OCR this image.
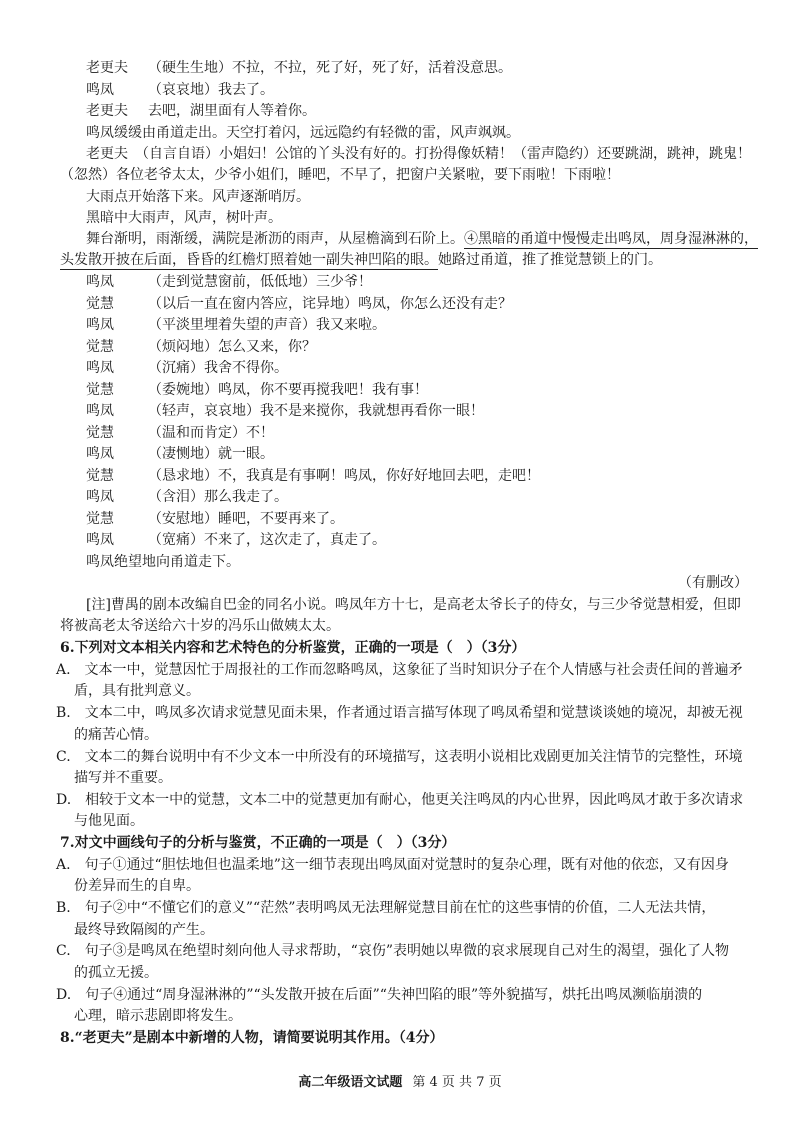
老更夫 （硬生生地）不拉，不拉，死了好，死了好，活着没意思。
鸣凤 （哀哀地）我去了。
老更夫 去吧，湖里面有人等着你。
鸣凤缓缓由甬道走出。天空打着闪，远远隐约有轻微的雷，风声飒飒。
老更夫　（自言自语）小娼妇！公馆的丫头没有好的。打扮得像妖精！（雷声隐约）还要跳湖，跳神，跳鬼！
（忽然）各位老爷太太，少爷小姐们，睡吧，不早了，把窗户关紧啦，要下雨啦！下雨啦！
大雨点开始落下来。风声逐渐哨厉。
黑暗中大雨声，风声，树叶声。
舞台渐明，雨渐缓，满院是淅沥的雨声，从屋檐滴到石阶上。④黑暗的甬道中慢慢走出鸣凤，周身湿淋淋的，
头发散开披在后面，昏昏的红檐灯照着她一副失神凹陷的眼。她路过甬道，推了推觉慧锁上的门。
鸣凤 （走到觉慧窗前，低低地）三少爷！
觉慧 （以后一直在窗内答应，诧异地）鸣凤，你怎么还没有走？
鸣凤 （平淡里埋着失望的声音）我又来啦。
觉慧 （烦闷地）怎么又来，你？
鸣凤 （沉痛）我舍不得你。
觉慧 （委婉地）鸣凤，你不要再搅我吧！我有事！
鸣凤 （轻声，哀哀地）我不是来搅你，我就想再看你一眼！
觉慧 （温和而肯定）不！
鸣凤 （凄恻地）就一眼。
觉慧 （恳求地）不，我真是有事啊！鸣凤，你好好地回去吧，走吧！
鸣凤 （含泪）那么我走了。
觉慧 （安慰地）睡吧，不要再来了。
鸣凤 （宽痛）不来了，这次走了，真走了。
鸣凤绝望地向甬道走下。
（有删改）
[注]曹禺的剧本改编自巴金的同名小说。鸣凤年方十七，是高老太爷长子的侍女，与三少爷觉慧相爱，但即
将被高老太爷送给六十岁的冯乐山做姨太太。
6.下列对文本相关内容和艺术特色的分析鉴赏，正确的一项是（　）（3分）
A.　文本一中，觉慧因忙于周报社的工作而忽略鸣凤，这象征了当时知识分子在个人情感与社会责任间的普遍矛
盾，具有批判意义。
B.　文本二中，鸣凤多次请求觉慧见面未果，作者通过语言描写体现了鸣凤希望和觉慧谈谈她的境况，却被无视
的痛苦心情。
C.　文本二的舞台说明中有不少文本一中所没有的环境描写，这表明小说相比戏剧更加关注情节的完整性，环境
描写并不重要。
D.　相较于文本一中的觉慧，文本二中的觉慧更加有耐心，他更关注鸣凤的内心世界，因此鸣凤才敢于多次请求
与他见面。
7.对文中画线句子的分析与鉴赏，不正确的一项是（　）（3分）
A.　句子①通过“胆怯地但也温柔地”这一细节表现出鸣凤面对觉慧时的复杂心理，既有对他的依恋，又有因身
份差异而生的自卑。
B.　句子②中“不懂它们的意义”“茫然”表明鸣凤无法理解觉慧目前在忙的这些事情的价值，二人无法共情，
最终导致隔阂的产生。
C.　句子③是鸣凤在绝望时刻向他人寻求帮助，“哀伤”表明她以卑微的哀求展现自己对生的渴望，强化了人物
的孤立无援。
D.　句子④通过“周身湿淋淋的”“头发散开披在后面”“失神凹陷的眼”等外貌描写，烘托出鸣凤濒临崩溃的
心理，暗示悲剧即将发生。
8.“老更夫”是剧本中新增的人物，请简要说明其作用。（4分）
高二年级语文试题 第 4 页 共 7 页
